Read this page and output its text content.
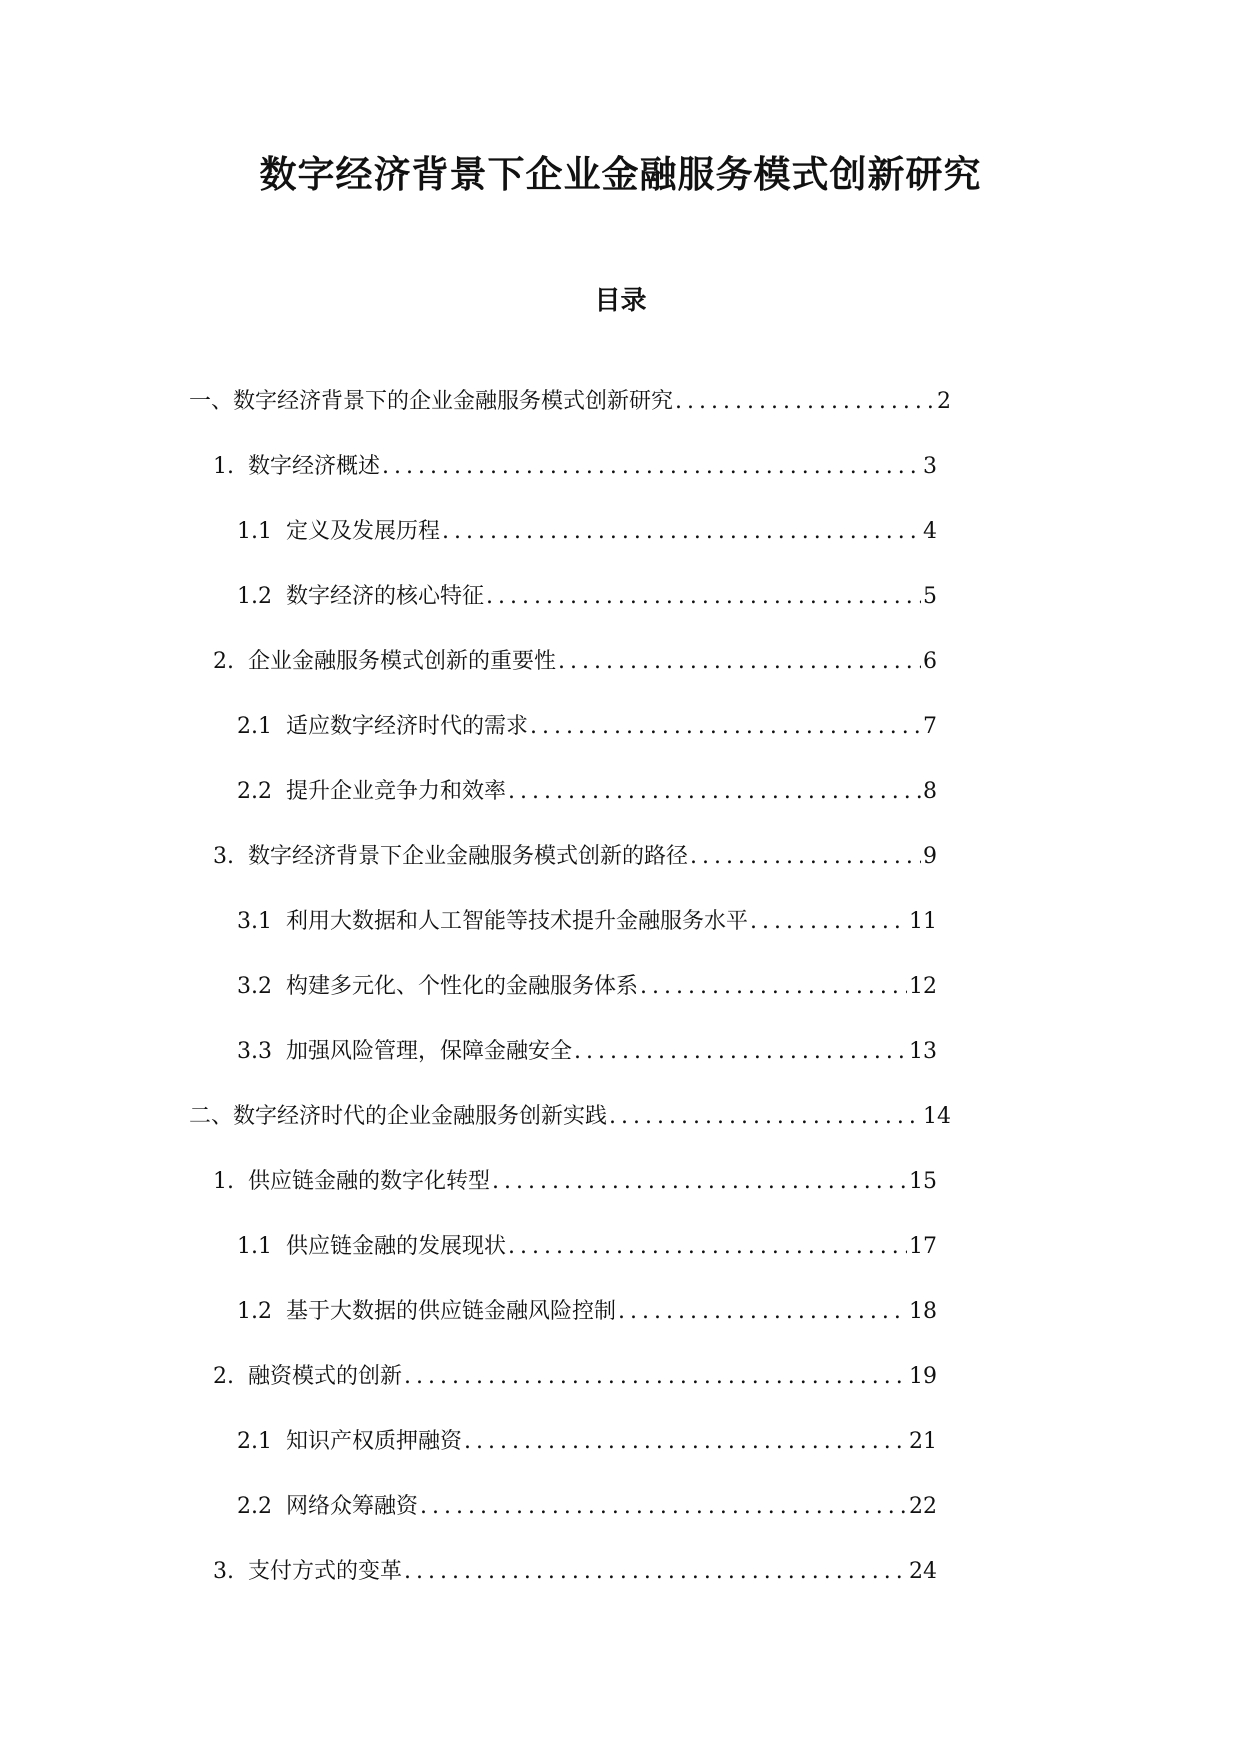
数字经济背景下企业金融服务模式创新研究
目录
一、 数字经济背景下的企业金融服务模式创新研究 .....	2
1. 数字经济概述 .....	3
1.1 定义及发展历程 .....	4
1.2 数字经济的核心特征 .....	5
2. 企业金融服务模式创新的重要性 .....	6
2.1 适应数字经济时代的需求 .....	7
2.2 提升企业竞争力和效率 .....	8
3. 数字经济背景下企业金融服务模式创新的路径 .....	9
3.1 利用大数据和人工智能等技术提升金融服务水平 .....	11
3.2 构建多元化、个性化的金融服务体系 .....	12
3.3 加强风险管理，保障金融安全 .....	13
二、 数字经济时代的企业金融服务创新实践 .....	14
1. 供应链金融的数字化转型 .....	15
1.1 供应链金融的发展现状 .....	17
1.2 基于大数据的供应链金融风险控制 .....	18
2. 融资模式的创新 .....	19
2.1 知识产权质押融资 .....	21
2.2 网络众筹融资 .....	22
3. 支付方式的变革 .....	24
